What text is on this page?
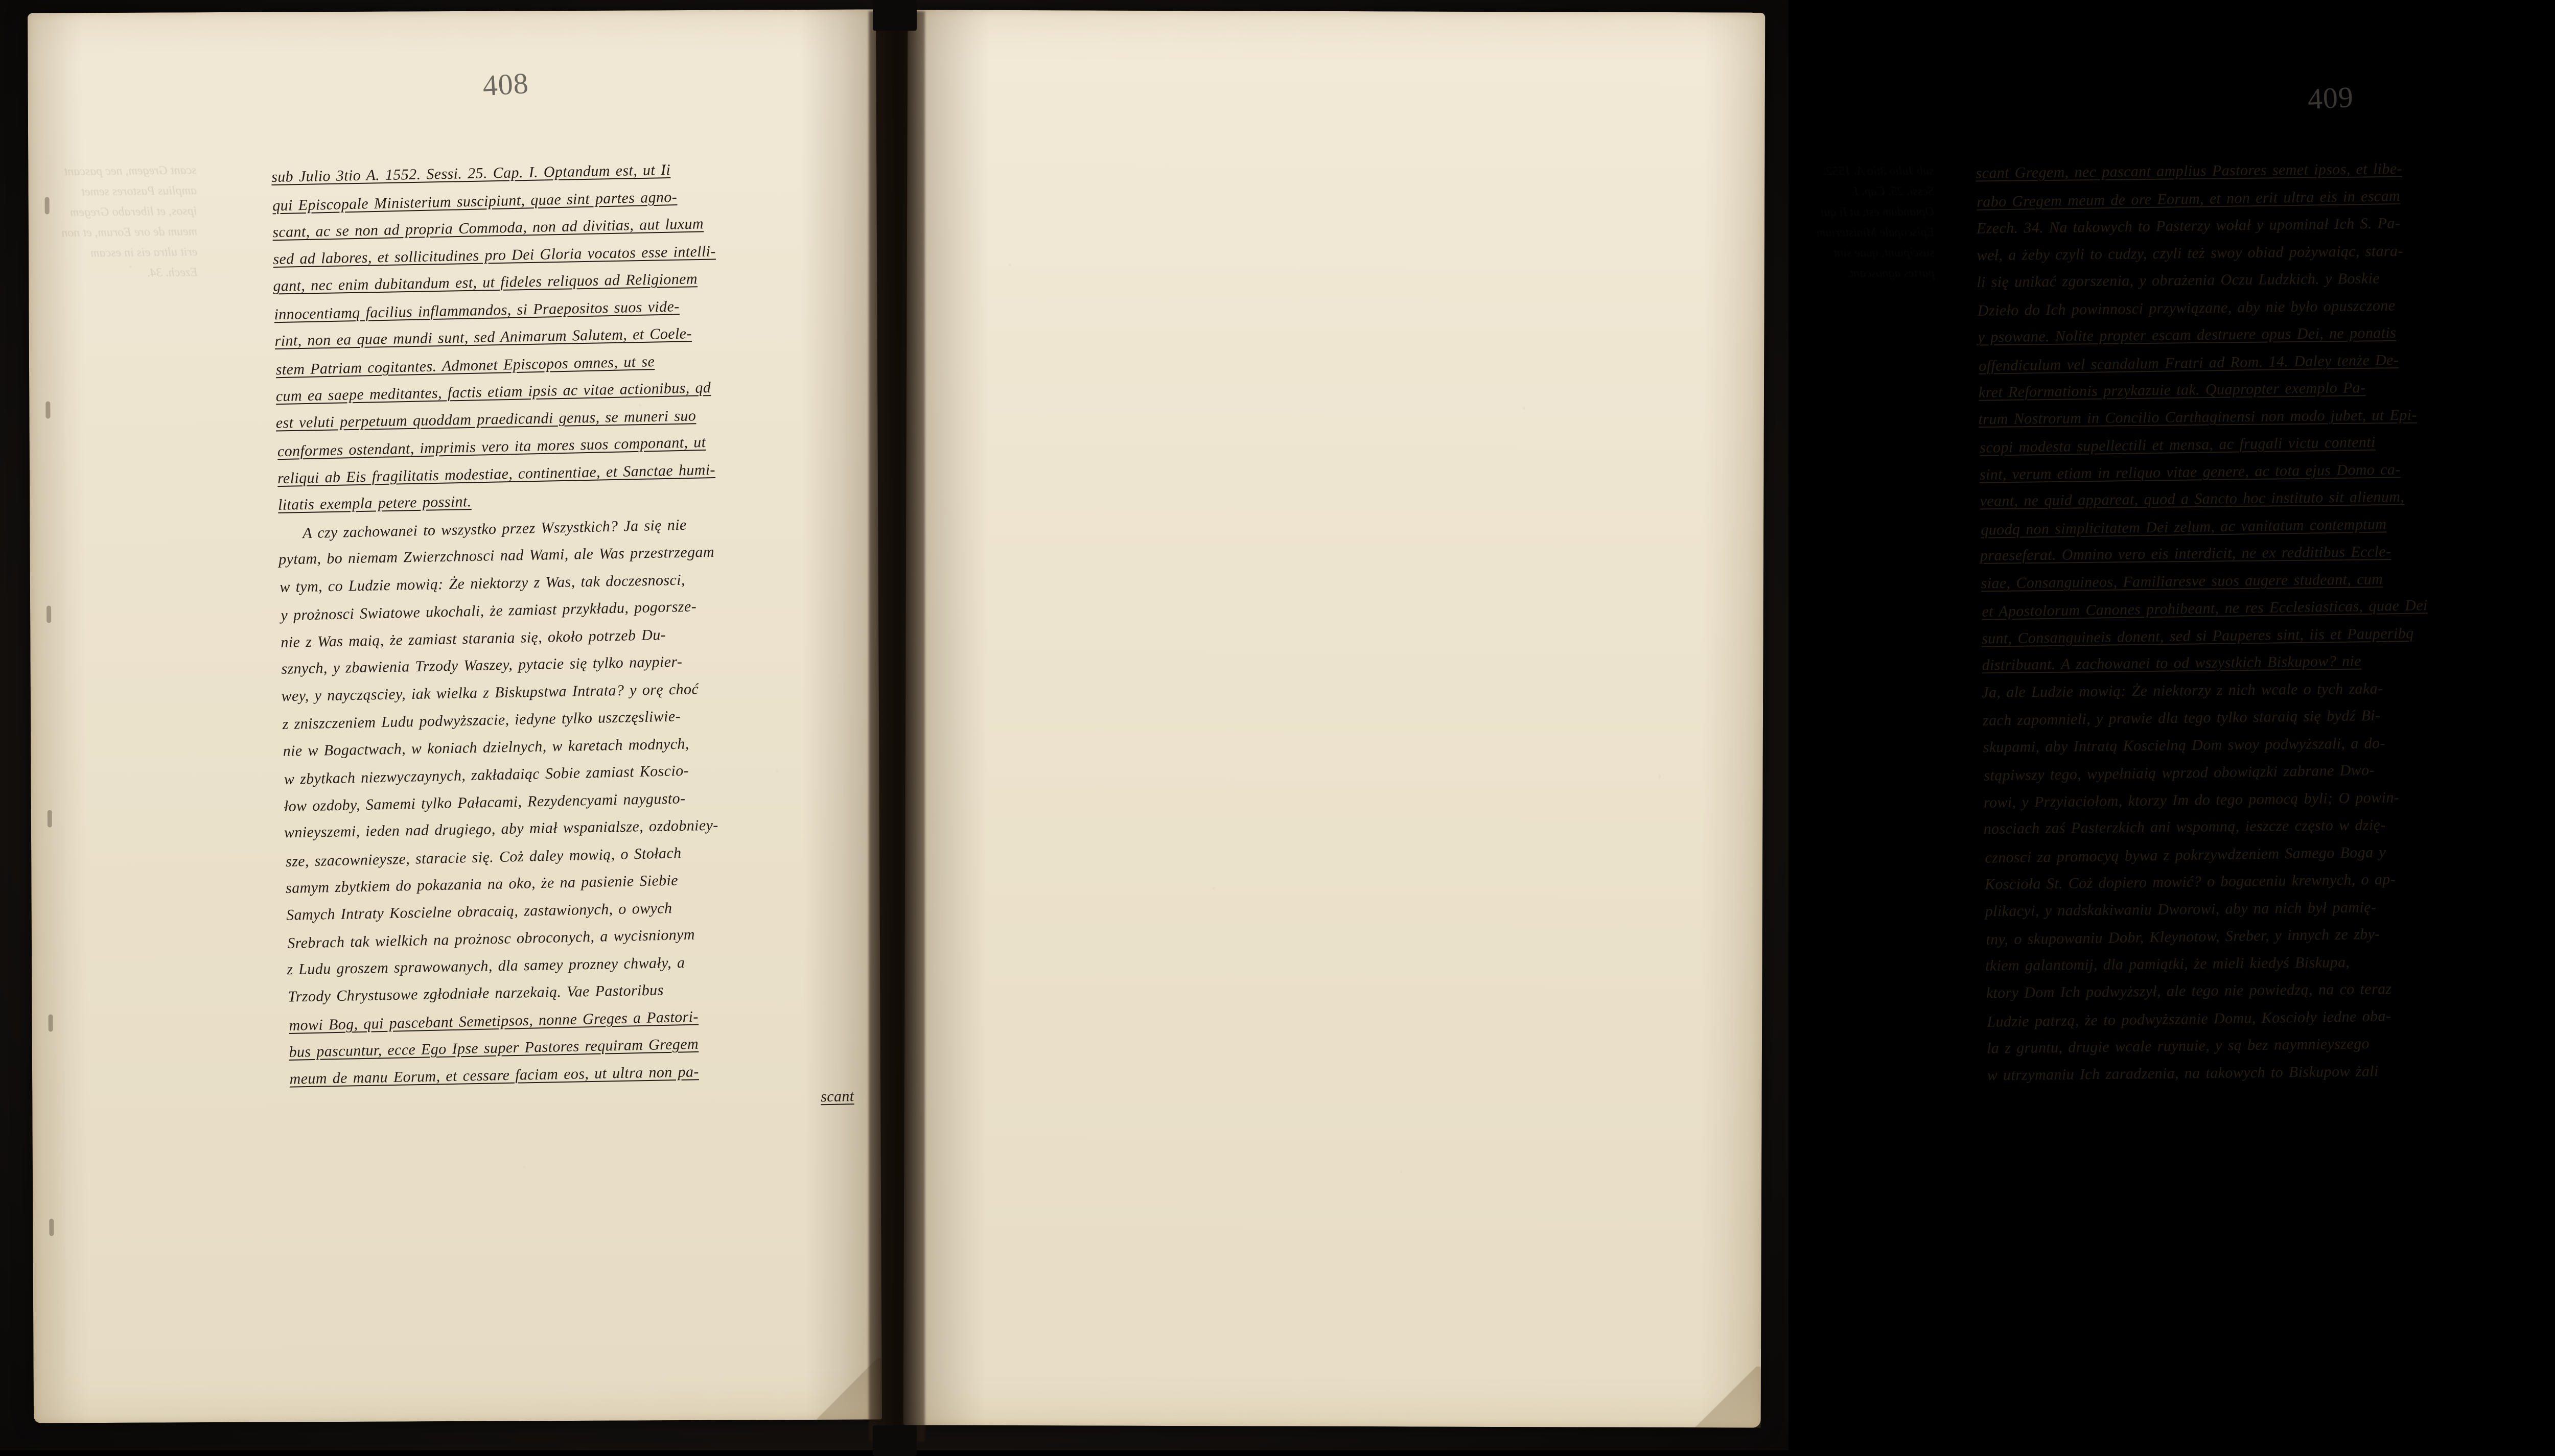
scant Gregem, nec pascant amplius Pastores semet ipsos, et liberabo Gregem meum de ore Eorum, et non erit ultra eis in escam Ezech. 34.
408
sub Julio 3tio A. 1552. Sessi. 25. Cap. I. Optandum est, ut Ii
qui Episcopale Ministerium suscipiunt, quae sint partes agno-
scant, ac se non ad propria Commoda, non ad divitias, aut luxum
sed ad labores, et sollicitudines pro Dei Gloria vocatos esse intelli-
gant, nec enim dubitandum est, ut fideles reliquos ad Religionem
innocentiamq facilius inflammandos, si Praepositos suos vide-
rint, non ea quae mundi sunt, sed Animarum Salutem, et Coele-
stem Patriam cogitantes. Admonet Episcopos omnes, ut se
cum ea saepe meditantes, factis etiam ipsis ac vitae actionibus, qd
est veluti perpetuum quoddam praedicandi genus, se muneri suo
conformes ostendant, imprimis vero ita mores suos componant, ut
reliqui ab Eis fragilitatis modestiae, continentiae, et Sanctae humi-
litatis exempla petere possint.
A czy zachowanei to wszystko przez Wszystkich? Ja się nie
pytam, bo niemam Zwierzchnosci nad Wami, ale Was przestrzegam
w tym, co Ludzie mowią: Że niektorzy z Was, tak doczesnosci,
y prożnosci Swiatowe ukochali, że zamiast przykładu, pogorsze-
nie z Was maią, że zamiast starania się, około potrzeb Du-
sznych, y zbawienia Trzody Waszey, pytacie się tylko naypier-
wey, y naycząsciey, iak wielka z Biskupstwa Intrata? y orę choć
z zniszczeniem Ludu podwyższacie, iedyne tylko uszczęsliwie-
nie w Bogactwach, w koniach dzielnych, w karetach modnych,
w zbytkach niezwyczaynych, zakładaiąc Sobie zamiast Koscio-
łow ozdoby, Samemi tylko Pałacami, Rezydencyami naygusto-
wnieyszemi, ieden nad drugiego, aby miał wspanialsze, ozdobniey-
sze, szacownieysze, staracie się. Coż daley mowią, o Stołach
samym zbytkiem do pokazania na oko, że na pasienie Siebie
Samych Intraty Koscielne obracaią, zastawionych, o owych
Srebrach tak wielkich na prożnosc obroconych, a wycisnionym
z Ludu groszem sprawowanych, dla samey prozney chwały, a
Trzody Chrystusowe zgłodniałe narzekaią. Vae Pastoribus
mowi Bog, qui pascebant Semetipsos, nonne Greges a Pastori-
bus pascuntur, ecce Ego Ipse super Pastores requiram Gregem
meum de manu Eorum, et cessare faciam eos, ut ultra non pa-
scant
sub Julio 3tio A. 1552. Sessi. 25. Cap. I. Optandum est, ut Ii qui Episcopale Ministerium suscipiunt, quae sint partes agnoscant.
409
scant Gregem, nec pascant amplius Pastores semet ipsos, et libe-
rabo Gregem meum de ore Eorum, et non erit ultra eis in escam
Ezech. 34. Na takowych to Pasterzy wołał y upominał Ich S. Pa-
weł, a żeby czyli to cudzy, czyli też swoy obiad pożywaiąc, stara-
li się unikać zgorszenia, y obrażenia Oczu Ludzkich. y Boskie
Dzieło do Ich powinnosci przywiązane, aby nie było opuszczone
y psowane. Nolite propter escam destruere opus Dei, ne ponatis
offendiculum vel scandalum Fratri ad Rom. 14. Daley tenże De-
kret Reformationis przykazuie tak. Quapropter exemplo Pa-
trum Nostrorum in Concilio Carthaginensi non modo jubet, ut Epi-
scopi modesta supellectili et mensa, ac frugali victu contenti
sint, verum etiam in reliquo vitae genere, ac tota ejus Domo ca-
veant, ne quid appareat, quod a Sancto hoc instituto sit alienum,
quodq non simplicitatem Dei zelum, ac vanitatum contemptum
praeseferat. Omnino vero eis interdicit, ne ex redditibus Eccle-
siae, Consanguineos, Familiaresve suos augere studeant, cum
et Apostolorum Canones prohibeant, ne res Ecclesiasticas, quae Dei
sunt, Consanguineis donent, sed si Pauperes sint, iis et Pauperibq
distribuant. A zachowanei to od wszystkich Biskupow? nie
Ja, ale Ludzie mowią: Że niektorzy z nich wcale o tych zaka-
zach zapomnieli, y prawie dla tego tylko staraią się bydź Bi-
skupami, aby Intratą Koscielną Dom swoy podwyższali, a do-
stąpiwszy tego, wypełniaią wprzod obowiązki zabrane Dwo-
rowi, y Przyiaciołom, ktorzy Im do tego pomocą byli; O powin-
nosciach zaś Pasterzkich ani wspomną, ieszcze często w dzię-
cznosci za promocyą bywa z pokrzywdzeniem Samego Boga y
Koscioła St. Coż dopiero mowić? o bogaceniu krewnych, o ap-
plikacyi, y nadskakiwaniu Dworowi, aby na nich był pamię-
tny, o skupowaniu Dobr, Kleynotow, Sreber, y innych ze zby-
tkiem galantomij, dla pamiątki, że mieli kiedyś Biskupa,
ktory Dom Ich podwyższył, ale tego nie powiedzą, na co teraz
Ludzie patrzą, że to podwyższanie Domu, Koscioły iedne oba-
la z gruntu, drugie wcale ruynuie, y są bez naymnieyszego
w utrzymaniu Ich zaradzenia, na takowych to Biskupow żali
